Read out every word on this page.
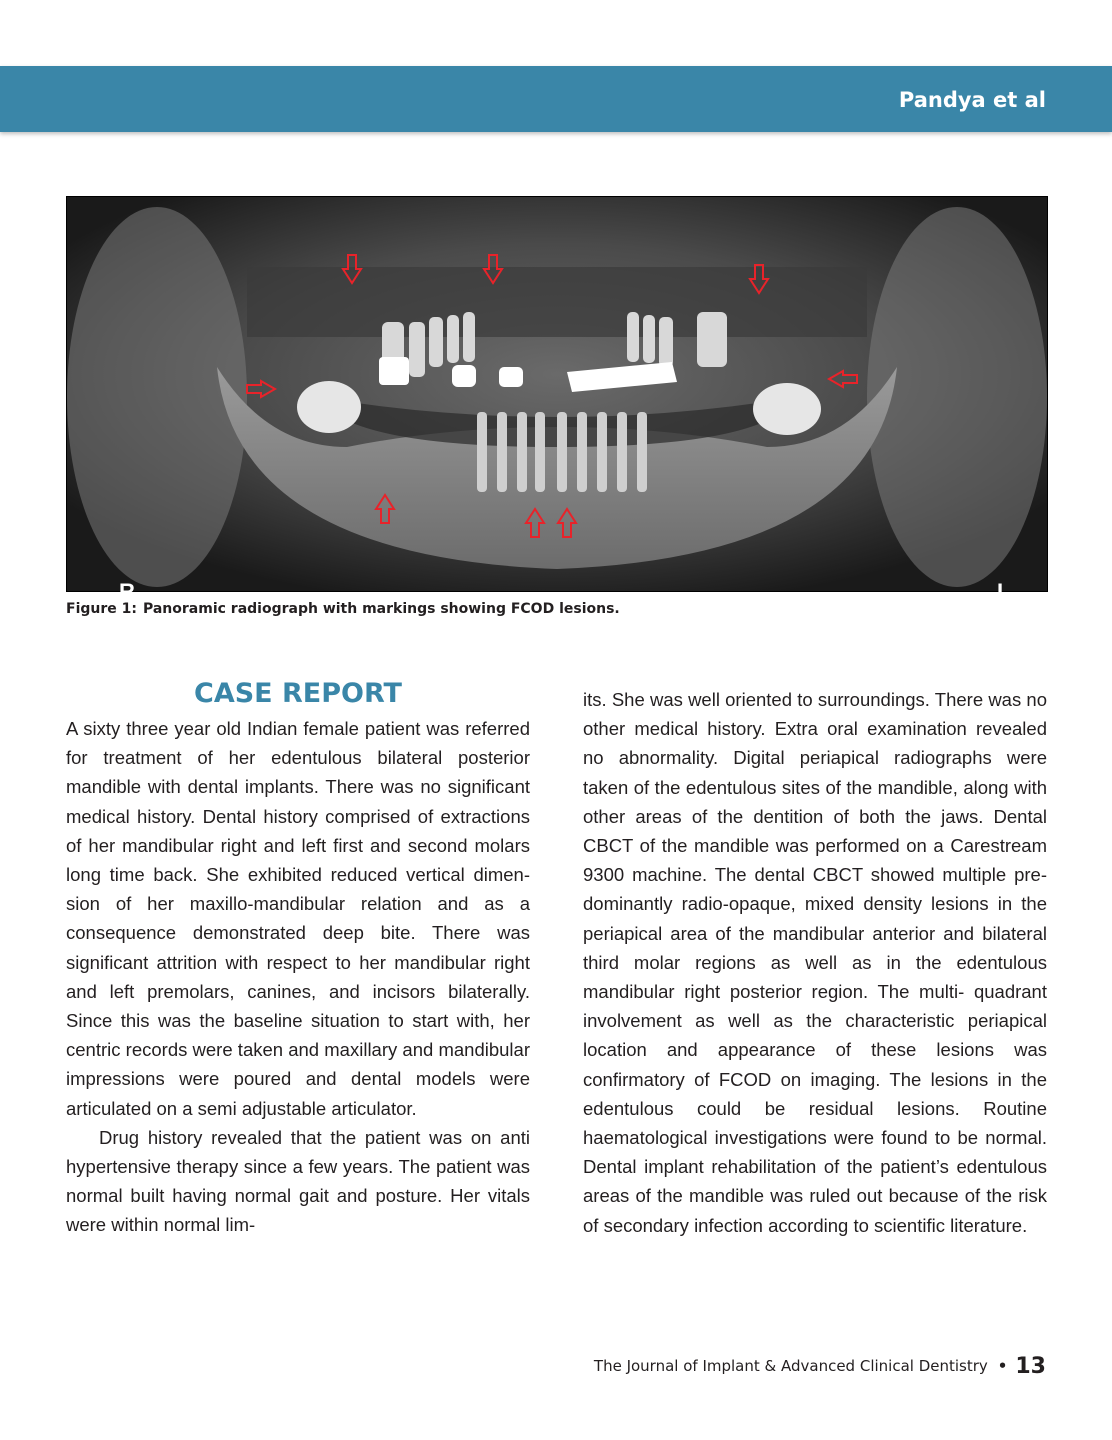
Pandya et al
R	L
Figure 1: Panoramic radiograph with markings showing FCOD lesions.
CASE REPORT

A sixty three year old Indian female patient was referred for treatment of her edentulous bilateral posterior mandible with dental implants. There was no significant medical history. Dental history comprised of extractions of her mandibular right and left first and second molars long time back. She exhibited reduced vertical dimension of her maxillo-mandibular relation and as a consequence demonstrated deep bite. There was significant attrition with respect to her mandibular right and left premolars, canines, and incisors bilaterally. Since this was the baseline situation to start with, her centric records were taken and maxillary and mandibular impressions were poured and dental models were articulated on a semi adjustable articulator.

Drug history revealed that the patient was on anti hypertensive therapy since a few years. The patient was normal built having normal gait and posture. Her vitals were within normal lim-

its. She was well oriented to surroundings. There was no other medical history. Extra oral examination revealed no abnormality. Digital periapical radiographs were taken of the edentulous sites of the mandible, along with other areas of the dentition of both the jaws. Dental CBCT of the mandible was performed on a Carestream 9300 machine. The dental CBCT showed multiple predominantly radio-opaque, mixed density lesions in the periapical area of the mandibular anterior and bilateral third molar regions as well as in the edentulous mandibular right posterior region. The multi- quadrant involvement as well as the characteristic periapical location and appearance of these lesions was confirmatory of FCOD on imaging. The lesions in the edentulous could be residual lesions. Routine haematological investigations were found to be normal. Dental implant rehabilitation of the patient’s edentulous areas of the mandible was ruled out because of the risk of secondary infection according to scientific literature.

The Journal of Implant & Advanced Clinical Dentistry • 13
